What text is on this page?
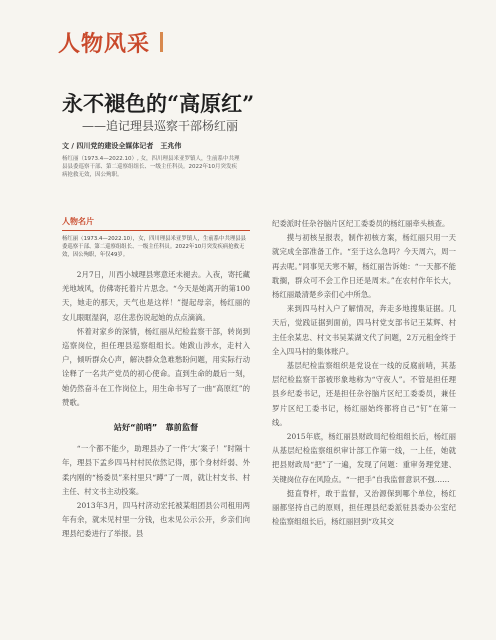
人物风采
永不褪色的“高原红”
——追记理县巡察干部杨红丽
文 / 四川党的建设全媒体记者　王兆伟
杨红丽（1973.4—2022.10）, 女，四川理县米亚罗镇人，生前系中共理县县委巡察干部、第二巡察组组长、一级主任科员。2022年10月突发疾病抢救无效，因公殉职。
人物名片
杨红丽（1973.4—2022.10），女，四川理县米亚罗镇人，生前系中共理县县委巡察干部、第二巡察组组长、一级主任科员。2022年10月突发疾病抢救无效，因公殉职，年仅49岁。

2月7日，川西小城理县寒意还未褪去。入夜，寄托藏羌地域风，仿佛寄托着片片思念。“今天是她离开的第100天，她走的那天，天气也是这样！”提起母亲，杨红丽的女儿眼眶湿润，忍住悲伤说起她的点点滴滴。

怀着对家乡的深情，杨红丽从纪检监察干部，转岗到巡察岗位，担任理县巡察组组长。她跋山涉水，走村入户，倾听群众心声，解决群众急难愁盼问题，用实际行动诠释了一名共产党员的初心使命。直到生命的最后一刻，她仍然奋斗在工作岗位上，用生命书写了一曲“高原红”的赞歌。

站好“前哨”　靠前监督

“一个都不能少，助理县办了一件‘大’案子！”时隔十年，理县下孟乡四马村村民依然记得，那个身材纤弱、外柔内刚的“杨委员”来村里只“蹲”了一周，就让村支书、村主任、村文书主动投案。

2013年3月，四马村济动宏托被某组团县公司租用两年有余，就未见村里一分钱，也未见公示公开，乡亲们向理县纪委进行了举报。县

纪委派时任杂谷脑片区纪工委委员的杨红丽牵头核查。

摸与初核呈报表，制作初核方案，杨红丽只用一天就完成全部准备工作。“至于这么急吗？今天周六，周一再去呢。”同事见天寒不解，杨红丽告诉她：“一天都不能耽搁，群众可不会工作日还是周末。”在农村作年长大，杨红丽最清楚乡亲们心中所急。

来到四马村入户了解情况，奔走多地搜集证据。几天后，觉践证据到面前，四马村党支部书记王某辉、村主任余某忠、村文书吴某湖文代了问题，2万元租金终于全入四马村的集体账户。

基层纪检监察组织是党设在一线的反腐前哨，其基层纪检监察干部被形象地称为“守夜人”。不管是担任理县乡纪委书记，还是担任杂谷脑片区纪工委委员，兼任罗片区纪工委书记，杨红丽始终都将自己“钉”在第一线。

2015年底，杨红丽县财政局纪检组组长后，杨红丽从基层纪检监察组织审计部工作第一线，一上任，她就把县财政局“把”了一遍，发现了问题：重审务理党建、关键岗位存在风险点。“一把手”自我监督意识不强……

挺直脊杆，敢于监督，又治源保到哪个单位，杨红丽都坚持自己的原则，担任理县纪委派驻县委办公室纪检监察组组长后，杨红丽回到“攻其交
